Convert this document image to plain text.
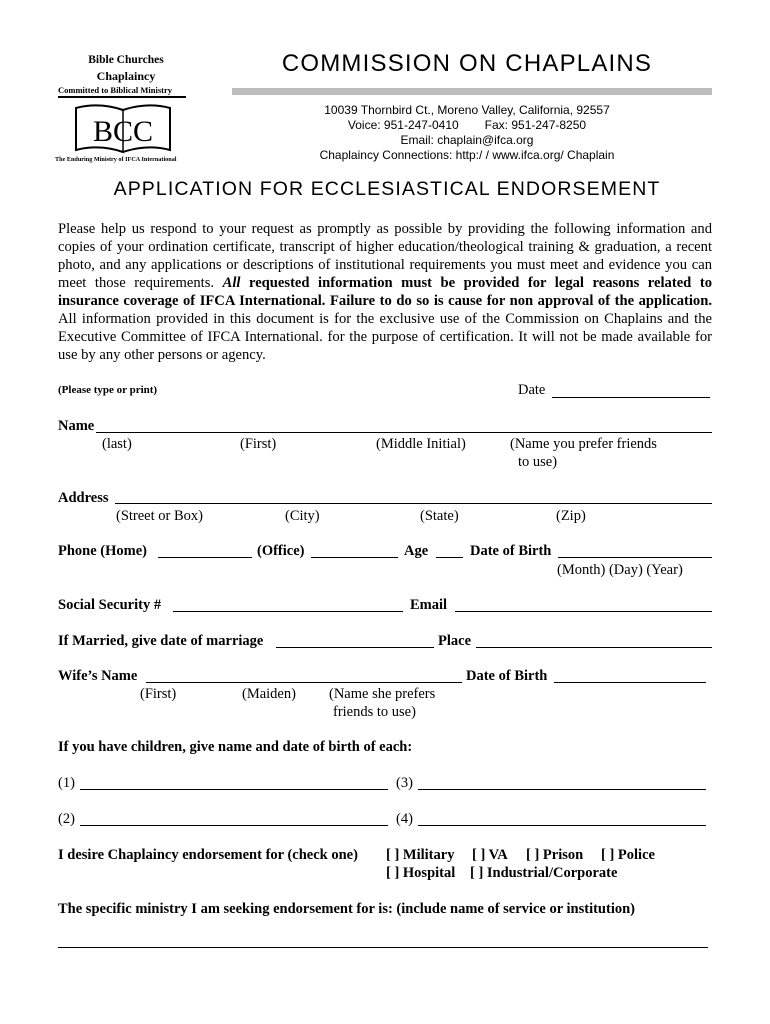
Bible Churches
Chaplaincy
Committed to Biblical Ministry
BCC
The Enduring Ministry of IFCA International
COMMISSION ON CHAPLAINS
10039 Thornbird Ct., Moreno Valley, California, 92557
Voice: 951-247-0410 Fax: 951-247-8250
Email: chaplain@ifca.org
Chaplaincy Connections: http:/ / www.ifca.org/ Chaplain
APPLICATION FOR ECCLESIASTICAL ENDORSEMENT
Please help us respond to your request as promptly as possible by providing the following information and copies of your ordination certificate, transcript of higher education/theological training & graduation, a recent photo, and any applications or descriptions of institutional requirements you must meet and evidence you can meet those requirements. All requested information must be provided for legal reasons related to insurance coverage of IFCA International. Failure to do so is cause for non approval of the application. All information provided in this document is for the exclusive use of the Commission on Chaplains and the Executive Committee of IFCA International. for the purpose of certification. It will not be made available for use by any other persons or agency.
(Please type or print)	Date
Name
(last)	(First)	(Middle Initial)	(Name you prefer friends
to use)
Address
(Street or Box)	(City)	(State)	(Zip)
Phone (Home)	(Office)	Age	Date of Birth
(Month) (Day) (Year)
Social Security #	Email
If Married, give date of marriage	Place
Wife’s Name	Date of Birth
(First)	(Maiden) (Name she prefers
friends to use)
If you have children, give name and date of birth of each:
(1)	(3)
(2)	(4)
I desire Chaplaincy endorsement for (check one) [ ] Military [ ] VA [ ] Prison [ ] Police
[ ] Hospital [ ] Industrial/Corporate
The specific ministry I am seeking endorsement for is: (include name of service or institution)
